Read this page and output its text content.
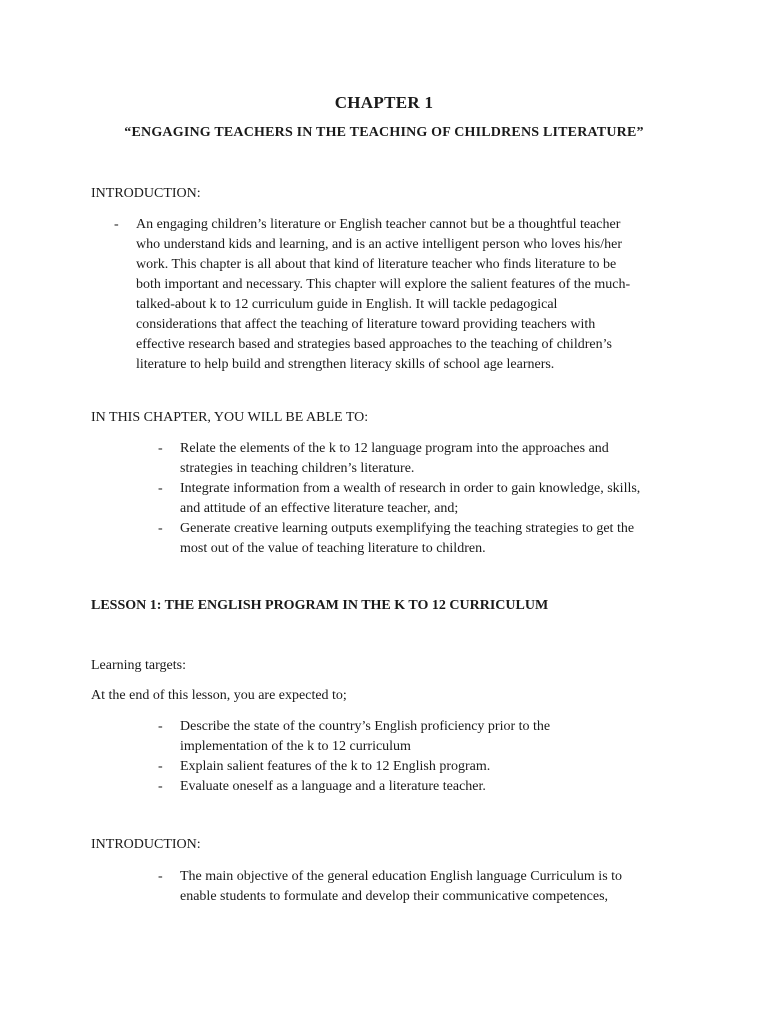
CHAPTER 1
“ENGAGING TEACHERS IN THE TEACHING OF CHILDRENS LITERATURE”
INTRODUCTION:
- An engaging children’s literature or English teacher cannot but be a thoughtful teacher
who understand kids and learning, and is an active intelligent person who loves his/her
work. This chapter is all about that kind of literature teacher who finds literature to be
both important and necessary. This chapter will explore the salient features of the much-
talked-about k to 12 curriculum guide in English. It will tackle pedagogical
considerations that affect the teaching of literature toward providing teachers with
effective research based and strategies based approaches to the teaching of children’s
literature to help build and strengthen literacy skills of school age learners.
IN THIS CHAPTER, YOU WILL BE ABLE TO:
- Relate the elements of the k to 12 language program into the approaches and
strategies in teaching children’s literature.
- Integrate information from a wealth of research in order to gain knowledge, skills,
and attitude of an effective literature teacher, and;
- Generate creative learning outputs exemplifying the teaching strategies to get the
most out of the value of teaching literature to children.
LESSON 1: THE ENGLISH PROGRAM IN THE K TO 12 CURRICULUM
Learning targets:
At the end of this lesson, you are expected to;
- Describe the state of the country’s English proficiency prior to the
implementation of the k to 12 curriculum
- Explain salient features of the k to 12 English program.
- Evaluate oneself as a language and a literature teacher.
INTRODUCTION:
- The main objective of the general education English language Curriculum is to
enable students to formulate and develop their communicative competences,
